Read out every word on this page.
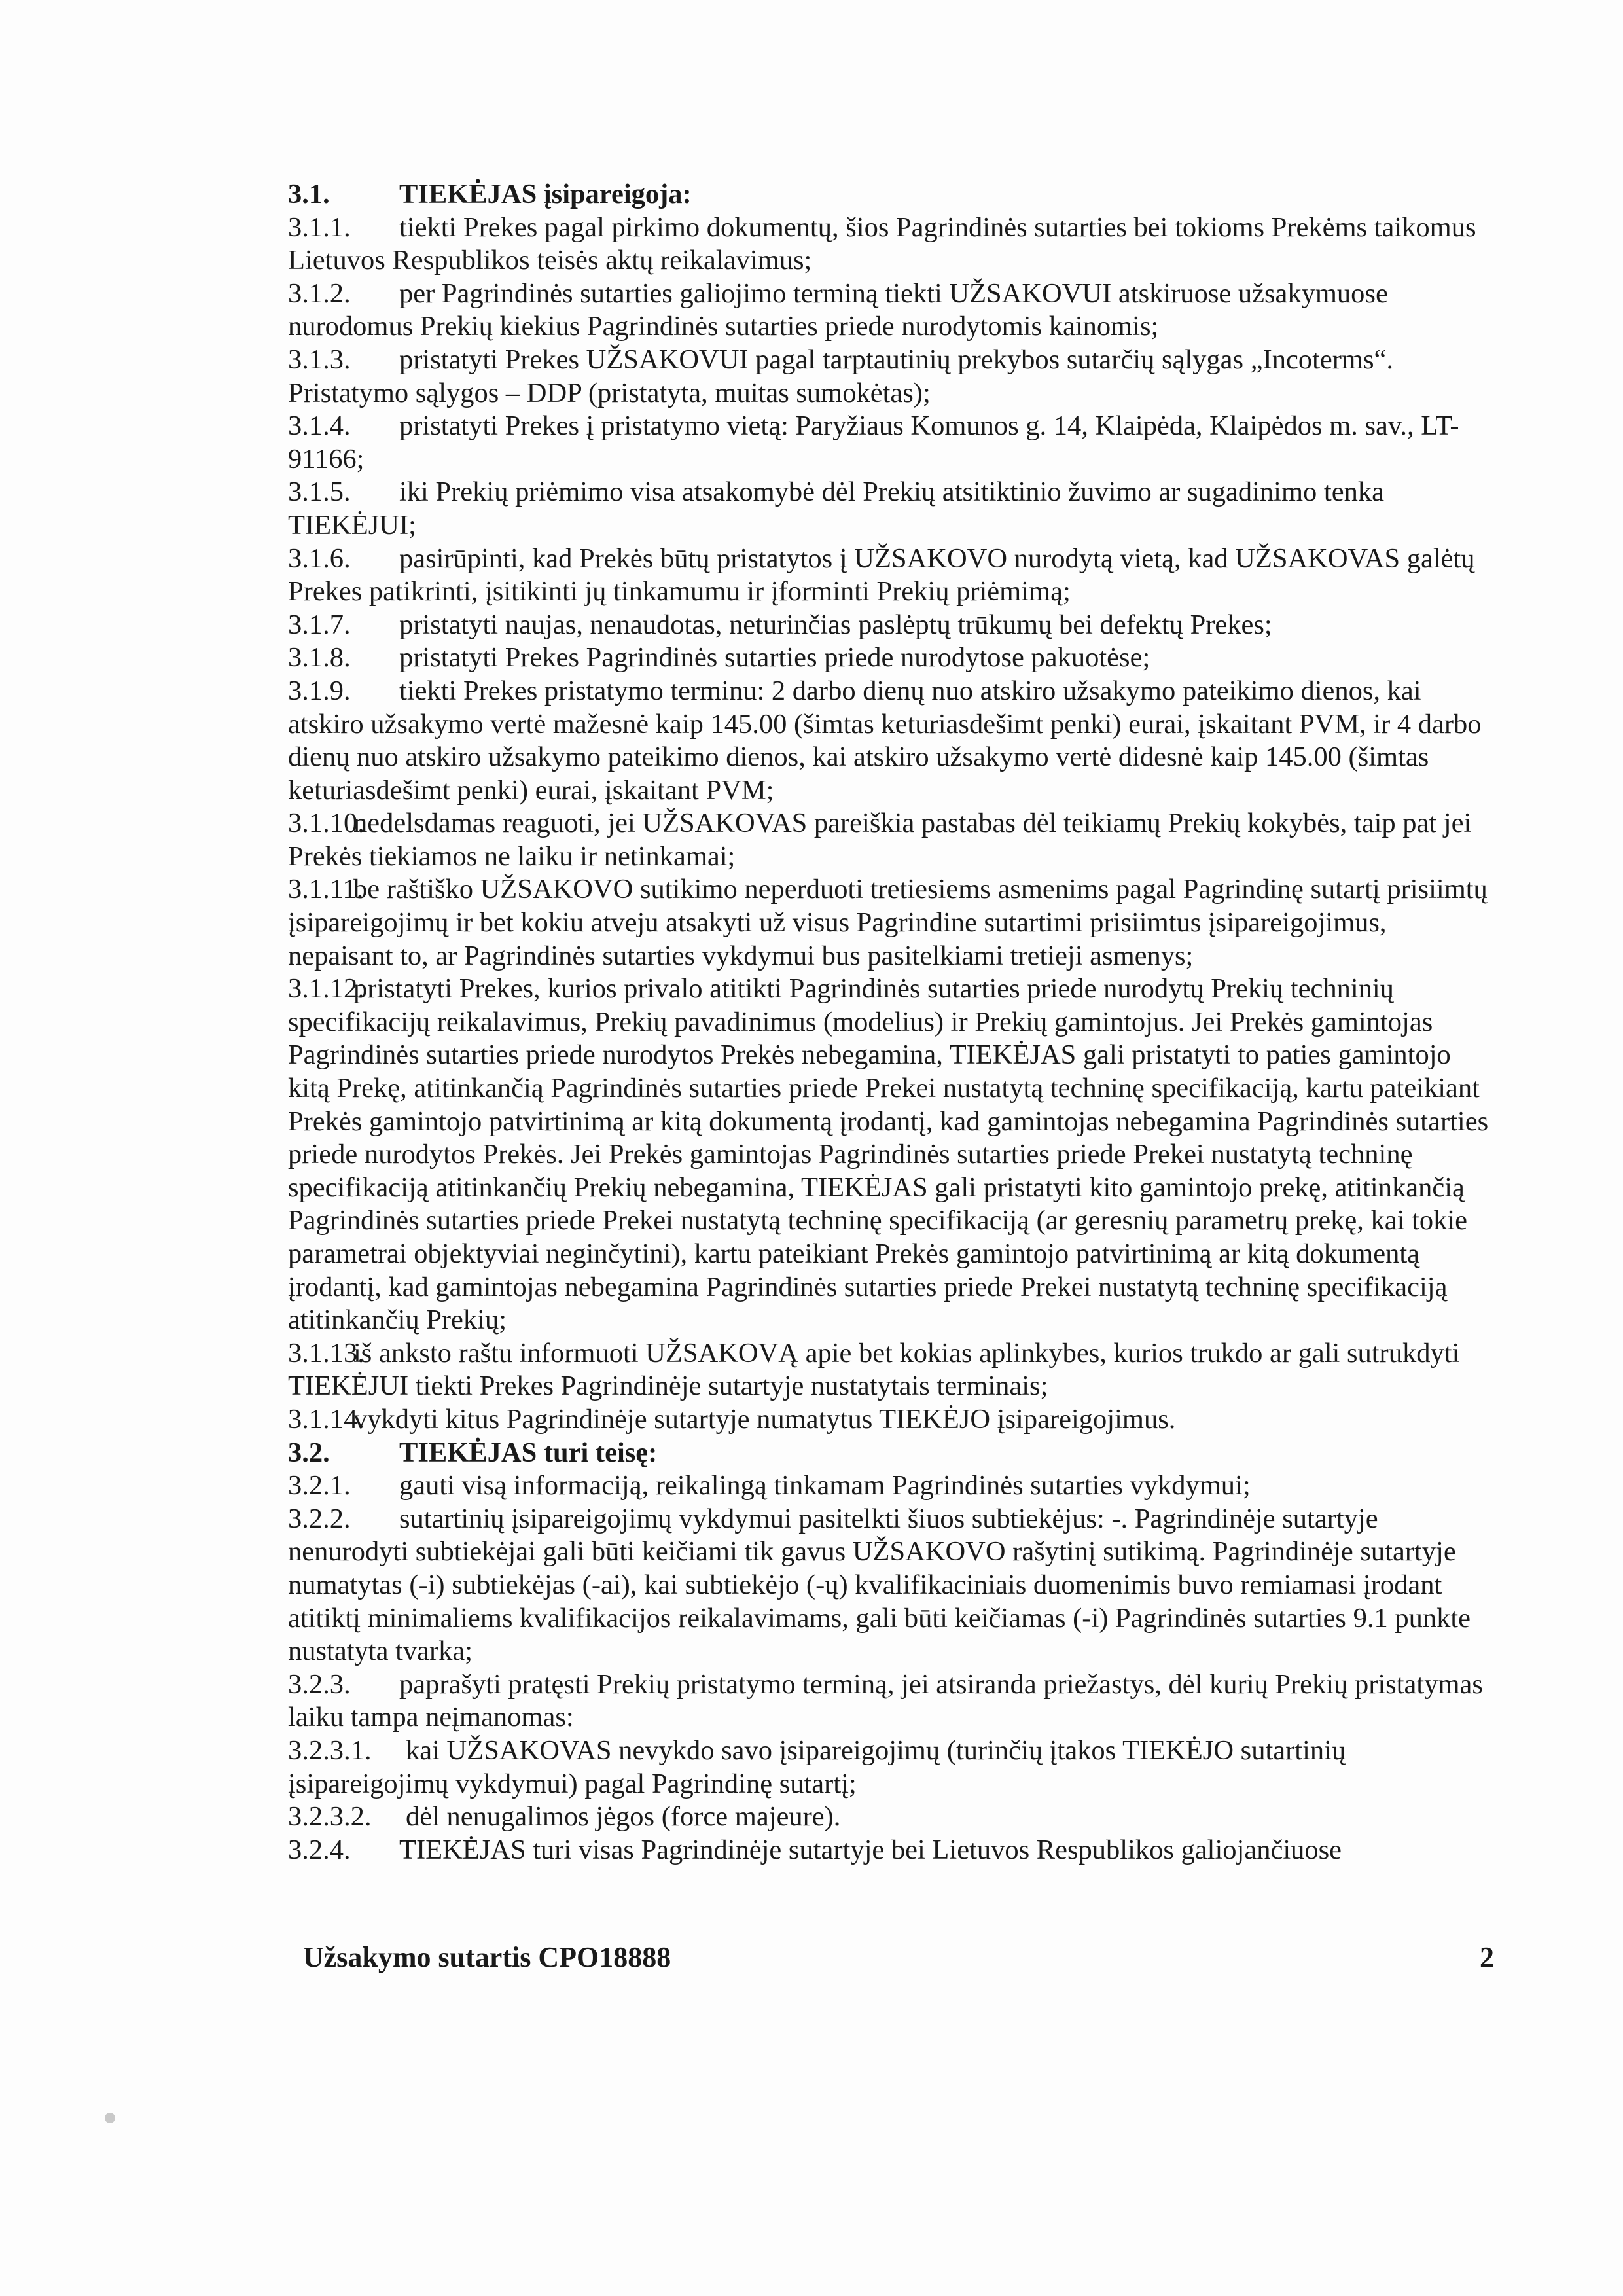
3.1.	TIEKĖJAS įsipareigoja:

3.1.1. tiekti Prekes pagal pirkimo dokumentų, šios Pagrindinės sutarties bei tokioms Prekėms taikomus Lietuvos Respublikos teisės aktų reikalavimus;

3.1.2. per Pagrindinės sutarties galiojimo terminą tiekti UŽSAKOVUI atskiruose užsakymuose nurodomus Prekių kiekius Pagrindinės sutarties priede nurodytomis kainomis;

3.1.3. pristatyti Prekes UŽSAKOVUI pagal tarptautinių prekybos sutarčių sąlygas „Incoterms“. Pristatymo sąlygos – DDP (pristatyta, muitas sumokėtas);

3.1.4. pristatyti Prekes į pristatymo vietą: Paryžiaus Komunos g. 14, Klaipėda, Klaipėdos m. sav., LT-91166;

3.1.5. iki Prekių priėmimo visa atsakomybė dėl Prekių atsitiktinio žuvimo ar sugadinimo tenka TIEKĖJUI;

3.1.6. pasirūpinti, kad Prekės būtų pristatytos į UŽSAKOVO nurodytą vietą, kad UŽSAKOVAS galėtų Prekes patikrinti, įsitikinti jų tinkamumu ir įforminti Prekių priėmimą;

3.1.7. pristatyti naujas, nenaudotas, neturinčias paslėptų trūkumų bei defektų Prekes;

3.1.8. pristatyti Prekes Pagrindinės sutarties priede nurodytose pakuotėse;

3.1.9. tiekti Prekes pristatymo terminu: 2 darbo dienų nuo atskiro užsakymo pateikimo dienos, kai atskiro užsakymo vertė mažesnė kaip 145.00 (šimtas keturiasdešimt penki) eurai, įskaitant PVM, ir 4 darbo dienų nuo atskiro užsakymo pateikimo dienos, kai atskiro užsakymo vertė didesnė kaip 145.00 (šimtas keturiasdešimt penki) eurai, įskaitant PVM;

3.1.10.nedelsdamas reaguoti, jei UŽSAKOVAS pareiškia pastabas dėl teikiamų Prekių kokybės, taip pat jei Prekės tiekiamos ne laiku ir netinkamai;

3.1.11.be raštiško UŽSAKOVO sutikimo neperduoti tretiesiems asmenims pagal Pagrindinę sutartį prisiimtų įsipareigojimų ir bet kokiu atveju atsakyti už visus Pagrindine sutartimi prisiimtus įsipareigojimus, nepaisant to, ar Pagrindinės sutarties vykdymui bus pasitelkiami tretieji asmenys;

3.1.12.pristatyti Prekes, kurios privalo atitikti Pagrindinės sutarties priede nurodytų Prekių techninių specifikacijų reikalavimus, Prekių pavadinimus (modelius) ir Prekių gamintojus. Jei Prekės gamintojas Pagrindinės sutarties priede nurodytos Prekės nebegamina, TIEKĖJAS gali pristatyti to paties gamintojo kitą Prekę, atitinkančią Pagrindinės sutarties priede Prekei nustatytą techninę specifikaciją, kartu pateikiant Prekės gamintojo patvirtinimą ar kitą dokumentą įrodantį, kad gamintojas nebegamina Pagrindinės sutarties priede nurodytos Prekės. Jei Prekės gamintojas Pagrindinės sutarties priede Prekei nustatytą techninę specifikaciją atitinkančių Prekių nebegamina, TIEKĖJAS gali pristatyti kito gamintojo prekę, atitinkančią Pagrindinės sutarties priede Prekei nustatytą techninę specifikaciją (ar geresnių parametrų prekę, kai tokie parametrai objektyviai neginčytini), kartu pateikiant Prekės gamintojo patvirtinimą ar kitą dokumentą įrodantį, kad gamintojas nebegamina Pagrindinės sutarties priede Prekei nustatytą techninę specifikaciją atitinkančių Prekių;

3.1.13.iš anksto raštu informuoti UŽSAKOVĄ apie bet kokias aplinkybes, kurios trukdo ar gali sutrukdyti TIEKĖJUI tiekti Prekes Pagrindinėje sutartyje nustatytais terminais;

3.1.14.vykdyti kitus Pagrindinėje sutartyje numatytus TIEKĖJO įsipareigojimus.

3.2.	TIEKĖJAS turi teisę:

3.2.1. gauti visą informaciją, reikalingą tinkamam Pagrindinės sutarties vykdymui;

3.2.2. sutartinių įsipareigojimų vykdymui pasitelkti šiuos subtiekėjus: -. Pagrindinėje sutartyje nenurodyti subtiekėjai gali būti keičiami tik gavus UŽSAKOVO rašytinį sutikimą. Pagrindinėje sutartyje numatytas (-i) subtiekėjas (-ai), kai subtiekėjo (-ų) kvalifikaciniais duomenimis buvo remiamasi įrodant atitiktį minimaliems kvalifikacijos reikalavimams, gali būti keičiamas (-i) Pagrindinės sutarties 9.1 punkte nustatyta tvarka;

3.2.3. paprašyti pratęsti Prekių pristatymo terminą, jei atsiranda priežastys, dėl kurių Prekių pristatymas laiku tampa neįmanomas:

3.2.3.1. kai UŽSAKOVAS nevykdo savo įsipareigojimų (turinčių įtakos TIEKĖJO sutartinių įsipareigojimų vykdymui) pagal Pagrindinę sutartį;

3.2.3.2. dėl nenugalimos jėgos (force majeure).

3.2.4. TIEKĖJAS turi visas Pagrindinėje sutartyje bei Lietuvos Respublikos galiojančiuose

Užsakymo sutartis CPO18888	2
